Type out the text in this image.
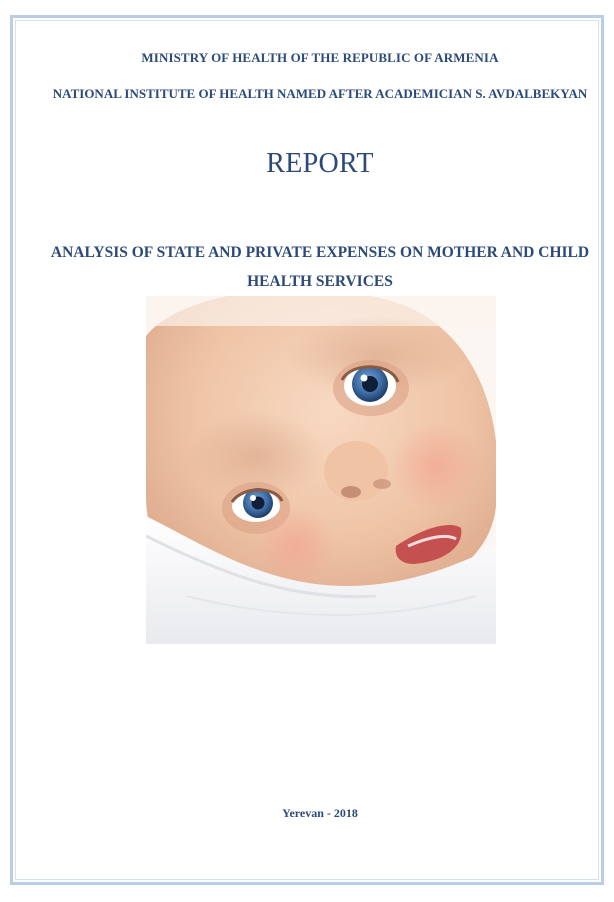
MINISTRY OF HEALTH OF THE REPUBLIC OF ARMENIA
NATIONAL INSTITUTE OF HEALTH NAMED AFTER ACADEMICIAN S. AVDALBEKYAN
REPORT
ANALYSIS OF STATE AND PRIVATE EXPENSES ON MOTHER AND CHILD HEALTH SERVICES
Yerevan - 2018
